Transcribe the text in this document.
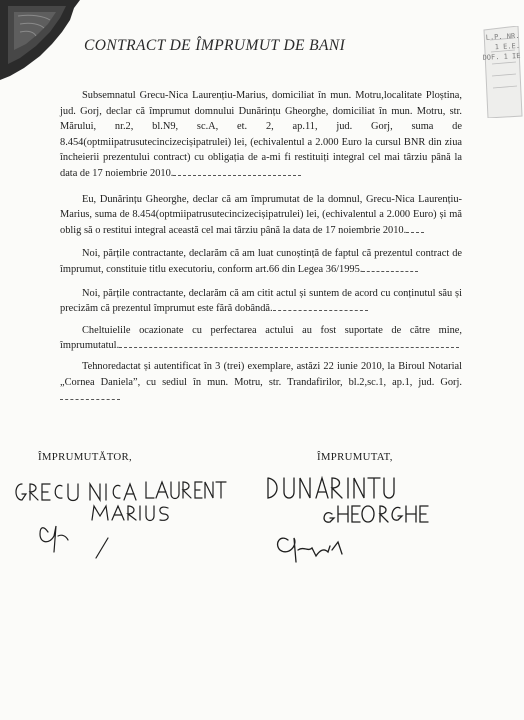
L.P. NR. 1 E.E. DOF. 1 IE
CONTRACT DE ÎMPRUMUT DE BANI

Subsemnatul Grecu-Nica Laurențiu-Marius, domiciliat în mun. Motru,localitate Ploștina, jud. Gorj, declar că împrumut domnului Dunărințu Gheorghe, domiciliat în mun. Motru, str. Mărului, nr.2, bl.N9, sc.A, et. 2, ap.11, jud. Gorj, suma de 8.454(optmiipatrusutecincizecișipatrulei) lei, (echivalentul a 2.000 Euro la cursul BNR din ziua încheierii prezentului contract) cu obligația de a-mi fi restituiți integral cel mai târziu până la data de 17 noiembrie 2010.

Eu, Dunărințu Gheorghe, declar că am împrumutat de la domnul, Grecu-Nica Laurențiu-Marius, suma de 8.454(optmiipatrusutecincizecișipatrulei) lei, (echivalentul a 2.000 Euro) și mă oblig să o restitui integral această cel mai târziu până la data de 17 noiembrie 2010.

Noi, părțile contractante, declarăm că am luat cunoștință de faptul că prezentul contract de împrumut, constituie titlu executoriu, conform art.66 din Legea 36/1995.

Noi, părțile contractante, declarăm că am citit actul și suntem de acord cu conținutul său și precizăm că prezentul împrumut este fără dobândă.

Cheltuielile ocazionate cu perfectarea actului au fost suportate de către mine, împrumutatul.

Tehnoredactat și autentificat în 3 (trei) exemplare, astăzi 22 iunie 2010, la Biroul Notarial „Cornea Daniela”, cu sediul în mun. Motru, str. Trandafirilor, bl.2,sc.1, ap.1, jud. Gorj.

ÎMPRUMUTĂTOR,	ÎMPRUMUTAT,
